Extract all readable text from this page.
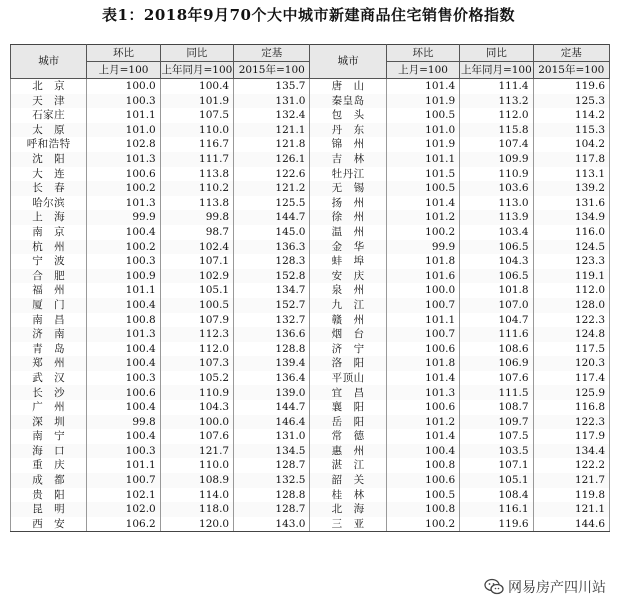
表1：2018年9月70个大中城市新建商品住宅销售价格指数
城市	环比	同比	定基	城市	环比	同比	定基
	上月=100	上年同月=100	2015年=100		上月=100	上年同月=100	2015年=100
北　京	100.0	100.4	135.7	唐　山	101.4	111.4	119.6
天　津	100.3	101.9	131.0	秦皇岛	101.9	113.2	125.3
石家庄	101.1	107.5	132.4	包　头	100.5	112.0	114.2
太　原	101.0	110.0	121.1	丹　东	101.0	115.8	115.3
呼和浩特	102.8	116.7	121.8	锦　州	101.9	107.4	104.2
沈　阳	101.3	111.7	126.1	吉　林	101.1	109.9	117.8
大　连	100.6	113.8	122.6	牡丹江	101.5	110.9	113.1
长　春	100.2	110.2	121.2	无　锡	100.5	103.6	139.2
哈尔滨	101.3	113.8	125.5	扬　州	101.4	113.0	131.6
上　海	99.9	99.8	144.7	徐　州	101.2	113.9	134.9
南　京	100.4	98.7	145.0	温　州	100.2	103.4	116.0
杭　州	100.2	102.4	136.3	金　华	99.9	106.5	124.5
宁　波	100.3	107.1	128.3	蚌　埠	101.8	104.3	123.3
合　肥	100.9	102.9	152.8	安　庆	101.6	106.5	119.1
福　州	101.1	105.1	134.7	泉　州	100.0	101.8	112.0
厦　门	100.4	100.5	152.7	九　江	100.7	107.0	128.0
南　昌	100.8	107.9	132.7	赣　州	101.1	104.7	122.3
济　南	101.3	112.3	136.6	烟　台	100.7	111.6	124.8
青　岛	100.4	112.0	128.8	济　宁	100.6	108.6	117.5
郑　州	100.4	107.3	139.4	洛　阳	101.8	106.9	120.3
武　汉	100.3	105.2	136.4	平顶山	101.4	107.6	117.4
长　沙	100.6	110.9	139.0	宜　昌	101.3	111.5	125.9
广　州	100.4	104.3	144.7	襄　阳	100.6	108.7	116.8
深　圳	99.8	100.0	146.4	岳　阳	101.2	109.7	122.3
南　宁	100.4	107.6	131.0	常　德	101.4	107.5	117.9
海　口	100.3	121.7	134.5	惠　州	100.4	103.5	134.4
重　庆	101.1	110.0	128.7	湛　江	100.8	107.1	122.2
成　都	100.7	108.9	132.5	韶　关	100.6	105.1	121.7
贵　阳	102.1	114.0	128.8	桂　林	100.5	108.4	119.8
昆　明	102.0	118.0	128.7	北　海	100.8	116.1	121.1
西　安	106.2	120.0	143.0	三　亚	100.2	119.6	144.6
网易房产四川站
